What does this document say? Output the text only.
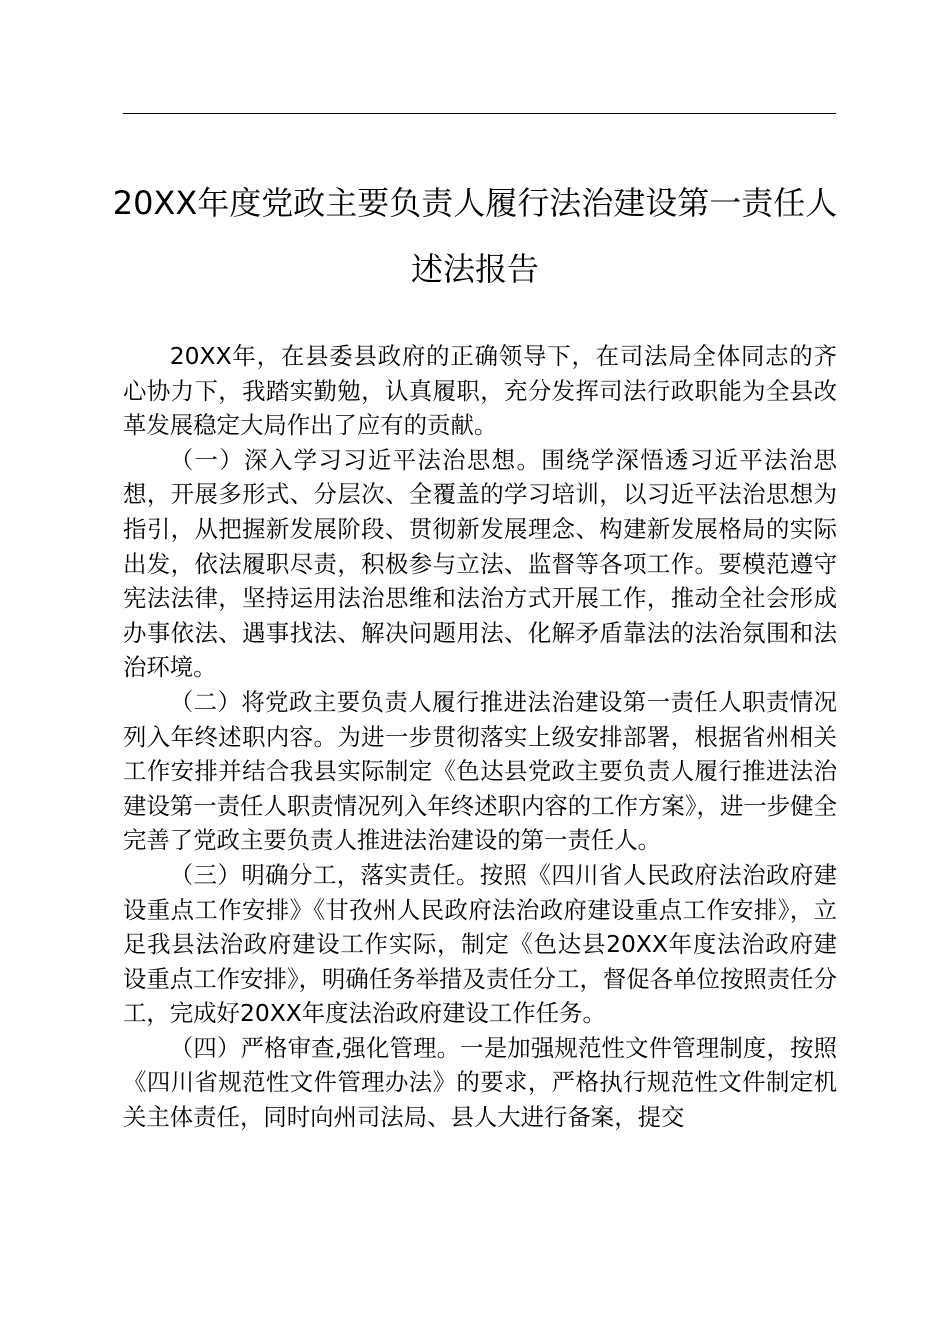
20XX年度党政主要负责人履行法治建设第一责任人述法报告

20XX年，在县委县政府的正确领导下，在司法局全体同志的齐心协力下，我踏实勤勉，认真履职，充分发挥司法行政职能为全县改革发展稳定大局作出了应有的贡献。

（一）深入学习习近平法治思想。围绕学深悟透习近平法治思想，开展多形式、分层次、全覆盖的学习培训，以习近平法治思想为指引，从把握新发展阶段、贯彻新发展理念、构建新发展格局的实际出发，依法履职尽责，积极参与立法、监督等各项工作。要模范遵守宪法法律，坚持运用法治思维和法治方式开展工作，推动全社会形成办事依法、遇事找法、解决问题用法、化解矛盾靠法的法治氛围和法治环境。

（二）将党政主要负责人履行推进法治建设第一责任人职责情况列入年终述职内容。为进一步贯彻落实上级安排部署，根据省州相关工作安排并结合我县实际制定《色达县党政主要负责人履行推进法治建设第一责任人职责情况列入年终述职内容的工作方案》，进一步健全完善了党政主要负责人推进法治建设的第一责任人。

（三）明确分工，落实责任。按照《四川省人民政府法治政府建设重点工作安排》《甘孜州人民政府法治政府建设重点工作安排》，立足我县法治政府建设工作实际，制定《色达县20XX年度法治政府建设重点工作安排》，明确任务举措及责任分工，督促各单位按照责任分工，完成好20XX年度法治政府建设工作任务。

（四）严格审查,强化管理。一是加强规范性文件管理制度，按照《四川省规范性文件管理办法》的要求，严格执行规范性文件制定机关主体责任，同时向州司法局、县人大进行备案，提交
